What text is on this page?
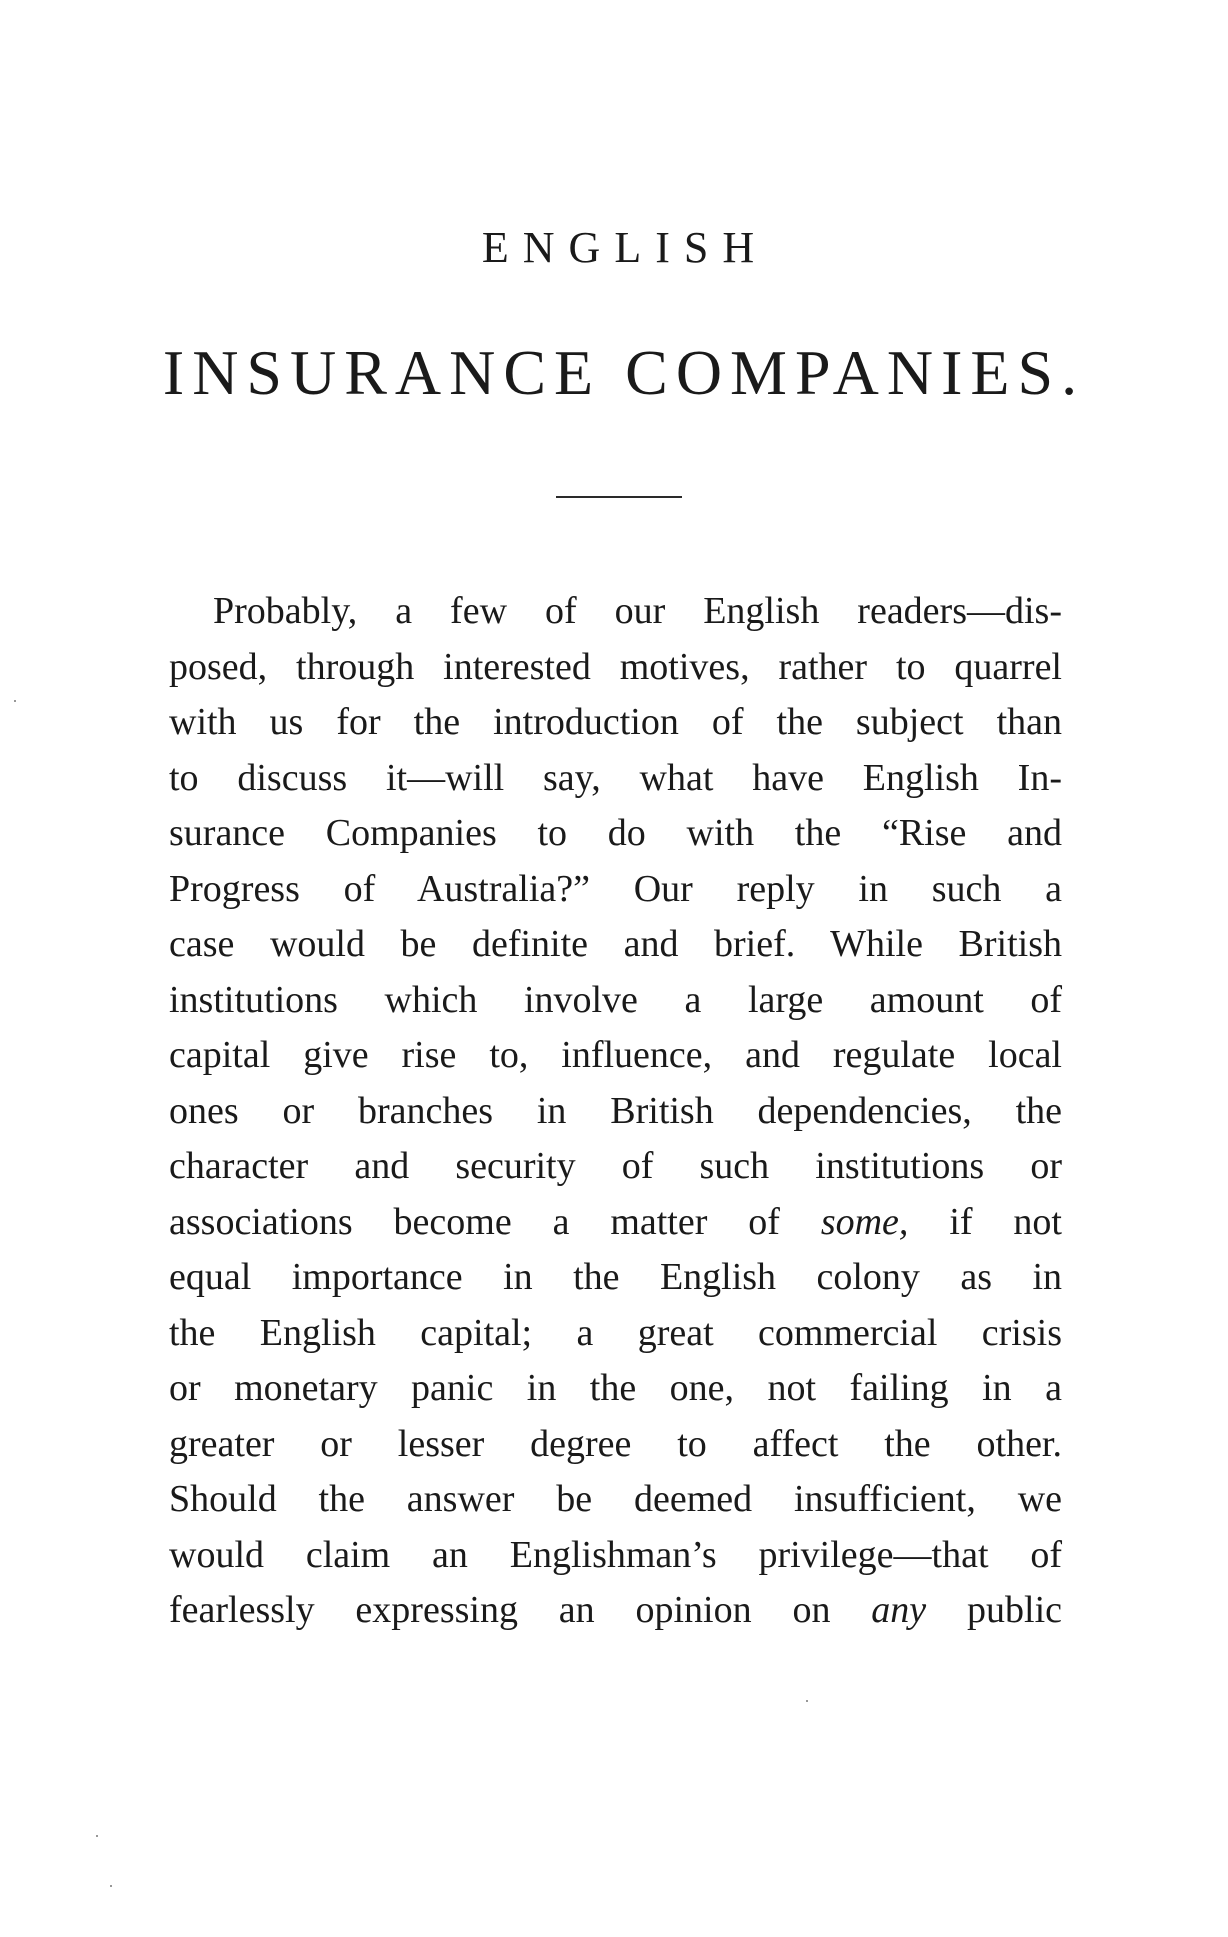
ENGLISH
INSURANCE COMPANIES.
Probably, a few of our English readers—dis-
posed, through interested motives, rather to quarrel
with us for the introduction of the subject than
to discuss it—will say, what have English In-
surance Companies to do with the “Rise and
Progress of Australia?” Our reply in such a
case would be definite and brief. While British
institutions which involve a large amount of
capital give rise to, influence, and regulate local
ones or branches in British dependencies, the
character and security of such institutions or
associations become a matter of some, if not
equal importance in the English colony as in
the English capital; a great commercial crisis
or monetary panic in the one, not failing in a
greater or lesser degree to affect the other.
Should the answer be deemed insufficient, we
would claim an Englishman’s privilege—that of
fearlessly expressing an opinion on any public
